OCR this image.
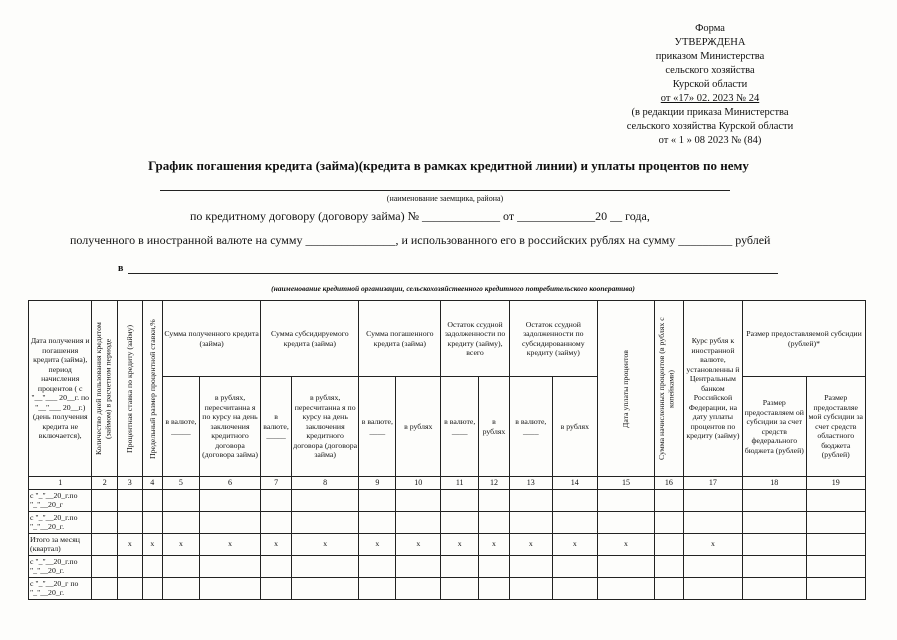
Форма
УТВЕРЖДЕНА
приказом Министерства
сельского хозяйства
Курской области
от «17» 02. 2023 № 24
(в редакции приказа Министерства
сельского хозяйства Курской области
от « 1 » 08 2023 № (84)
График погашения кредита (займа)(кредита в рамках кредитной линии) и уплаты процентов по нему
(наименование заемщика, района)
по кредитному договору (договору займа) № _____________ от _____________20 __ года,
полученного в иностранной валюте на сумму _______________, и использованного его в российских рублях на сумму _________ рублей
в
(наименование кредитной организации, сельскохозяйственного кредитного потребительского кооператива)
Дата получения и погашения кредита (займа), период начисления процентов ( с "__"___ 20__г. по "__"___ 20__г.) (день получения кредита не включается),	Количество дней пользования кредитом (займом) в расчетном периоде	Процентная ставка по кредиту (займу)	Предельный размер процентной ставки,%	Сумма полученного кредита (займа)		Сумма субсидируемого кредита (займа)		Сумма погашенного кредита (займа)		Остаток ссудной задолженности по кредиту (займу), всего		Остаток ссудной задолженности по субсидированному кредиту (займу)		Дата уплаты процентов	Сумма начисленных процентов (в рублях с копейками)	Курс рубля к иностранной валюте, установленны й Центральным банком Российской Федерации, на дату уплаты процентов по кредиту (займу)	Размер предоставляемой субсидии (рублей)*	
				в валюте, _____	в рублях, пересчитанна я по курсу на день заключения кредитного договора (договора займа)	в валюте, _____	в рублях, пересчитанна я по курсу на день заключения кредитного договора (договора займа)	в валюте, ____	в рублях	в валюте, ____	в рублях	в валюте, ____	в рублях				Размер предоставляем ой субсидии за счет средств федерального бюджета (рублей)	Размер предоставляе мой субсидии за счет средств областного бюджета (рублей)
1	2	3	4	5	6	7	8	9	10	11	12	13	14	15	16	17	18	19
с "_"__20_г.по "_"__20_г																		
с "_"__20_г.по "_"__20_г.																		
Итого за месяц (квартал)		x	x	x	x	x	x	x	x	x	x	x	x	x		x		
с "_"__20_г.по "_"__20_г.																		
с "_"__20_г по "_"__20_г.																		
